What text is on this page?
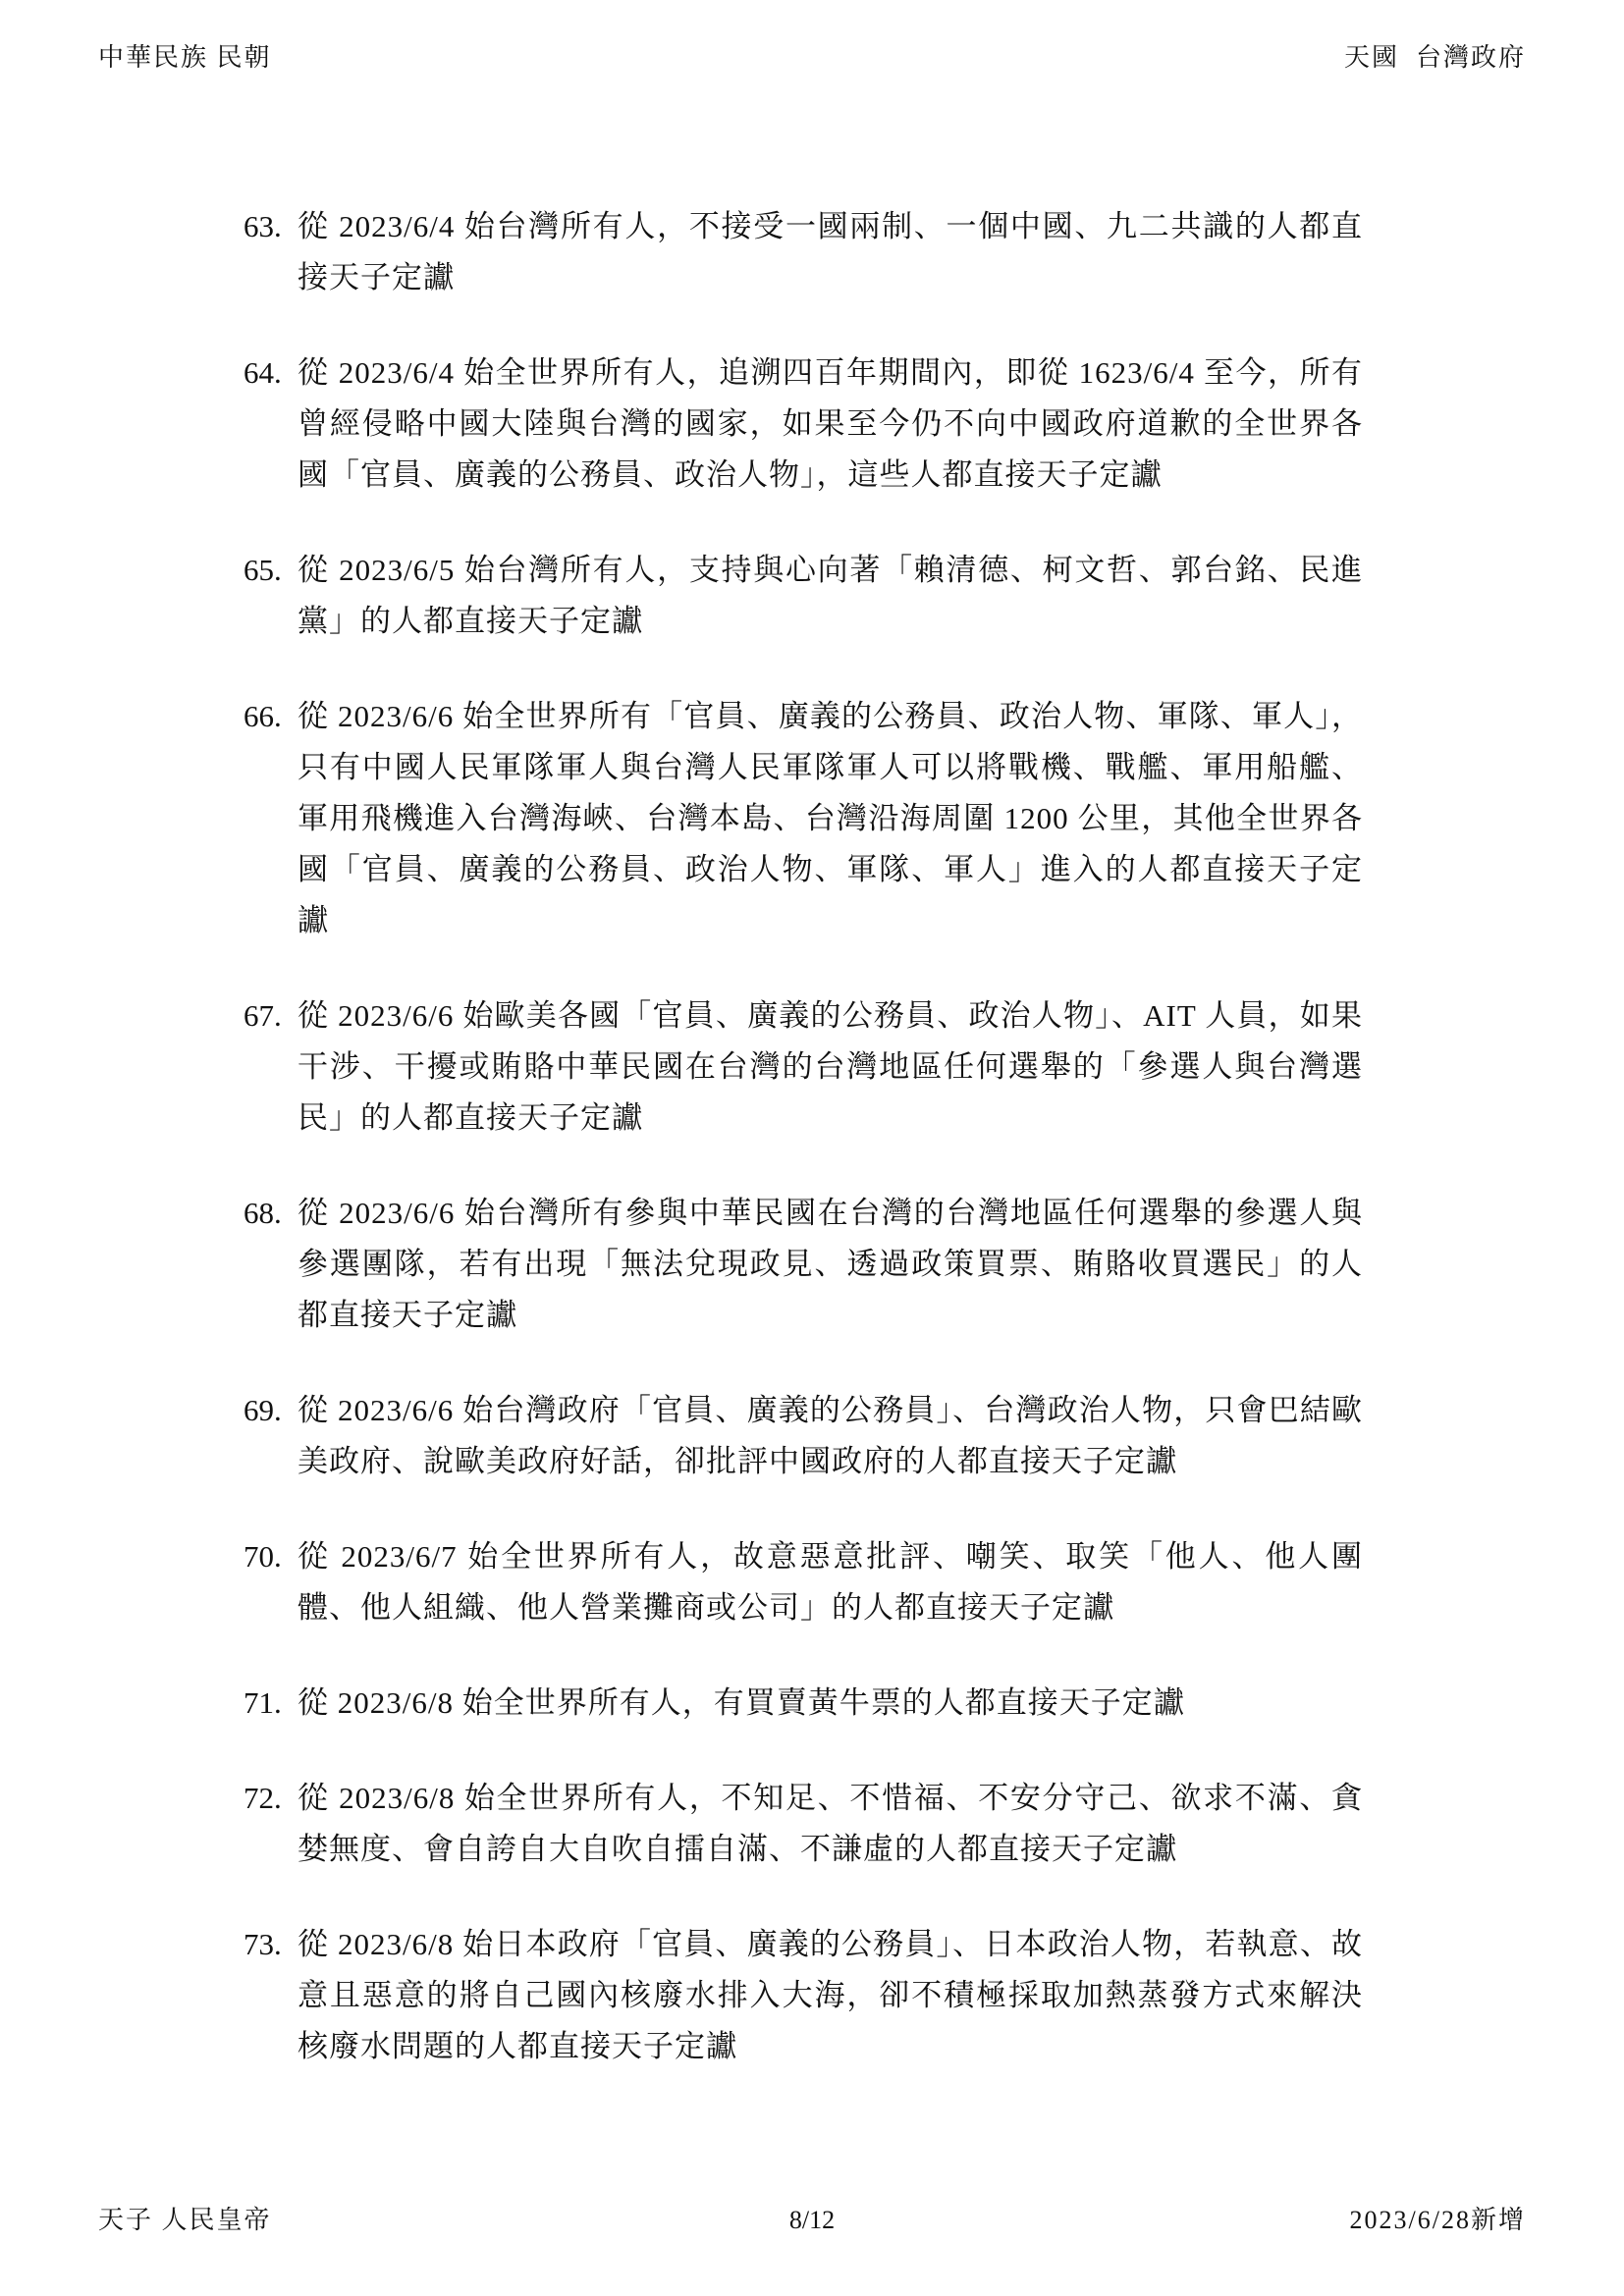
中華民族 民朝	天國  台灣政府
63. 從 2023/6/4 始台灣所有人，不接受一國兩制、一個中國、九二共識的人都直接天子定讞
64. 從 2023/6/4 始全世界所有人，追溯四百年期間內，即從 1623/6/4 至今，所有曾經侵略中國大陸與台灣的國家，如果至今仍不向中國政府道歉的全世界各國「官員、廣義的公務員、政治人物」，這些人都直接天子定讞
65. 從 2023/6/5 始台灣所有人，支持與心向著「賴清德、柯文哲、郭台銘、民進黨」的人都直接天子定讞
66. 從 2023/6/6 始全世界所有「官員、廣義的公務員、政治人物、軍隊、軍人」，只有中國人民軍隊軍人與台灣人民軍隊軍人可以將戰機、戰艦、軍用船艦、軍用飛機進入台灣海峽、台灣本島、台灣沿海周圍 1200 公里，其他全世界各國「官員、廣義的公務員、政治人物、軍隊、軍人」進入的人都直接天子定讞
67. 從 2023/6/6 始歐美各國「官員、廣義的公務員、政治人物」、AIT 人員，如果干涉、干擾或賄賂中華民國在台灣的台灣地區任何選舉的「參選人與台灣選民」的人都直接天子定讞
68. 從 2023/6/6 始台灣所有參與中華民國在台灣的台灣地區任何選舉的參選人與參選團隊，若有出現「無法兌現政見、透過政策買票、賄賂收買選民」的人都直接天子定讞
69. 從 2023/6/6 始台灣政府「官員、廣義的公務員」、台灣政治人物，只會巴結歐美政府、說歐美政府好話，卻批評中國政府的人都直接天子定讞
70. 從 2023/6/7 始全世界所有人，故意惡意批評、嘲笑、取笑「他人、他人團體、他人組織、他人營業攤商或公司」的人都直接天子定讞
71. 從 2023/6/8 始全世界所有人，有買賣黃牛票的人都直接天子定讞
72. 從 2023/6/8 始全世界所有人，不知足、不惜福、不安分守己、欲求不滿、貪婪無度、會自誇自大自吹自擂自滿、不謙虛的人都直接天子定讞
73. 從 2023/6/8 始日本政府「官員、廣義的公務員」、日本政治人物，若執意、故意且惡意的將自己國內核廢水排入大海，卻不積極採取加熱蒸發方式來解決核廢水問題的人都直接天子定讞

天子 人民皇帝

	8/12

	2023/6/28新增
